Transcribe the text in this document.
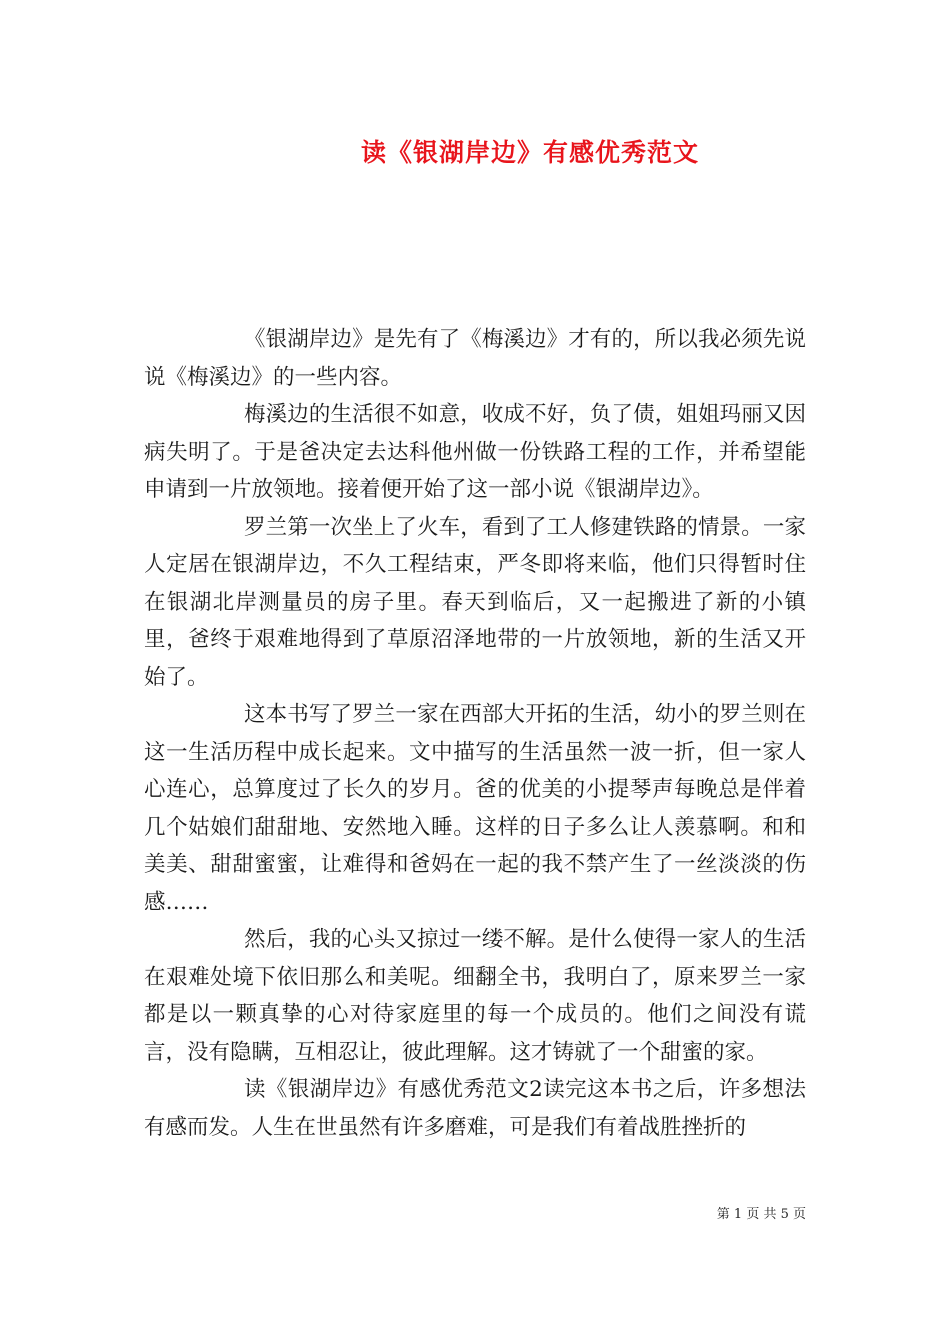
读《银湖岸边》有感优秀范文

《银湖岸边》是先有了《梅溪边》才有的，所以我必须先说说《梅溪边》的一些内容。

梅溪边的生活很不如意，收成不好，负了债，姐姐玛丽又因病失明了。于是爸决定去达科他州做一份铁路工程的工作，并希望能申请到一片放领地。接着便开始了这一部小说《银湖岸边》。

罗兰第一次坐上了火车，看到了工人修建铁路的情景。一家人定居在银湖岸边，不久工程结束，严冬即将来临，他们只得暂时住在银湖北岸测量员的房子里。春天到临后，又一起搬进了新的小镇里，爸终于艰难地得到了草原沼泽地带的一片放领地，新的生活又开始了。

这本书写了罗兰一家在西部大开拓的生活，幼小的罗兰则在这一生活历程中成长起来。文中描写的生活虽然一波一折，但一家人心连心，总算度过了长久的岁月。爸的优美的小提琴声每晚总是伴着几个姑娘们甜甜地、安然地入睡。这样的日子多么让人羡慕啊。和和美美、甜甜蜜蜜，让难得和爸妈在一起的我不禁产生了一丝淡淡的伤感……

然后，我的心头又掠过一缕不解。是什么使得一家人的生活在艰难处境下依旧那么和美呢。细翻全书，我明白了，原来罗兰一家都是以一颗真挚的心对待家庭里的每一个成员的。他们之间没有谎言，没有隐瞒，互相忍让，彼此理解。这才铸就了一个甜蜜的家。

读《银湖岸边》有感优秀范文2读完这本书之后，许多想法有感而发。人生在世虽然有许多磨难，可是我们有着战胜挫折的

第 1 页 共 5 页
